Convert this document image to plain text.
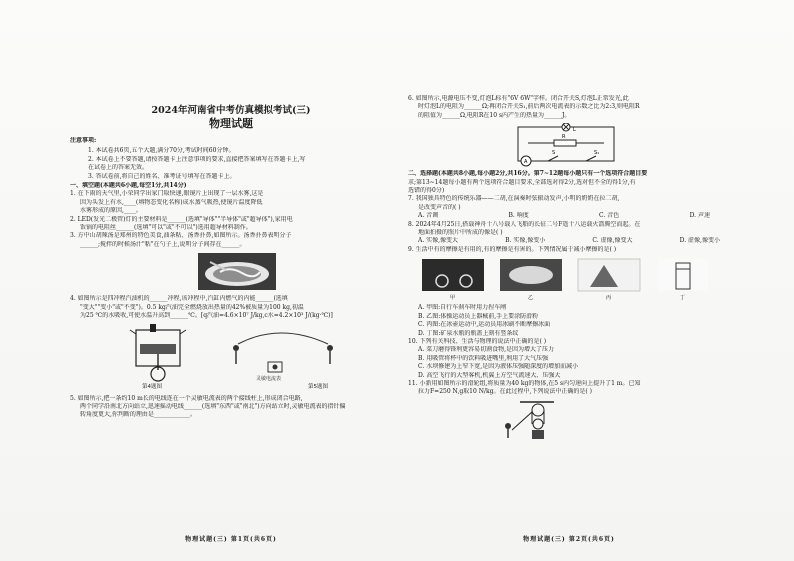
2024年河南省中考仿真模拟考试(三)
物理试题
注意事项:
1. 本试卷共6页,五个大题,满分70分,考试时间60分钟。
2. 本试卷上不要答题,请按答题卡上注意事项的要求,直接把答案填写在答题卡上,写
在试卷上的答案无效。
3. 答试卷前,将自己的姓名、准考证号填写在答题卡上。
一、填空题(本题共6小题,每空1分,共14分)
1. 在下雨的天气里,小荣同学出家门取快递,眼镜片上出现了一层水雾,这是
因为头发上有水,____(填物态变化名称)成水蒸气吸热,使镜片温度降低
水雾形成的原因,____。
2. LED(发光二极管)灯的主要材料是______(选填"导体""半导体"或"超导体"),家用电
饭锅的电阻丝______(选填"可以"或"不可以")选用超导材料制作。
3. 方中山胡辣汤是郑州的特色美食,油条粘、汤香扑鼻,如图所示。汤香扑鼻表明分子
______;搅拌的时候汤汁"粘"在勺子上,说明分子间存在______。
4. 如图所示是四冲程汽油机的______冲程,该冲程中,汽缸内燃气的内能______(选填
"变大""变小"或"不变")。0.5 kg汽油完全燃烧放出热量的42%被质量为100 kg,初温
为25 ℃的水吸收,可使水温升高到______℃。[q汽油=4.6×10⁷ J/kg,c水=4.2×10³ J/(kg·℃)]
第4题图
灵敏电流表
第5题图
5. 如图所示,把一条约10 m长的电线连在一个灵敏电流表的两个接线柱上,形成闭合电路,
两个同学沿南北方向站立,迅速摇动电线______(选填"东西"或"南北")方向站立时,灵敏电流表的指针偏
转角度更大,你判断的理由是____________。
物理试题(三) 第1页(共6页)
6. 如图所示,电源电压不变,灯泡L标有"6V 6W"字样。闭合开关S,灯泡L正常发光,此
时灯泡L的电阻为______Ω;再闭合开关S₁,前后两次电流表的示数之比为2:3,则电阻R
的阻值为______Ω,电阻R在10 s内产生的热量为______J。
L
R
A
S	S₁
二、选择题(本题共8小题,每小题2分,共16分。第7~12题每小题只有一个选项符合题目要
求;第13~14题每小题有两个选项符合题目要求,全部选对得2分,选对但不全的得1分,有
选错的得0分)
7. 我国独具特色的传统乐器——二胡,在演奏时弦振动发声,小明的奶奶在拉二胡,
是改变声音的( )
A. 音调	B. 响度	C. 音色	D. 声速
8. 2024年4月25日,搭载神舟十八号载人飞船的长征二号F遥十八运载火箭腾空而起。在
地面拍摄的照片中所成的像是( )
A. 实像,像变大	B. 实像,像变小	C. 虚像,像变大	D. 虚像,像变小
9. 生活中有的摩擦是有用的,有的摩擦是有害的。下列情况属于减小摩擦的是( )
甲	乙	丙	丁
A. 甲图:自行车刹车时用力捏车闸
B. 乙图:体操运动员上器械前,手上要涂防滑粉
C. 丙图:在冰壶运动中,运动员用冰刷不断摩擦冰面
D. 丁图:矿泉水瓶的瓶盖上刻有竖条纹
10. 下列有关科技、生活与物理的说法中正确的是( )
A. 菜刀磨得锋利更容易切割食物,是因为增大了压力
B. 用吸管将杯中的饮料吸进嘴里,利用了大气压强
C. 水坝修建为上窄下宽,是因为液体压强随深度的增加而减小
D. 高空飞行的大型客机,机翼上方空气流速大、压强大
11. 小新用如图所示的滑轮组,将质量为40 kg的物体,在5 s内匀速向上提升了1 m。已知
拉力F=250 N,g取10 N/kg。在此过程中,下列说法中正确的是( )
物理试题(三) 第2页(共6页)
